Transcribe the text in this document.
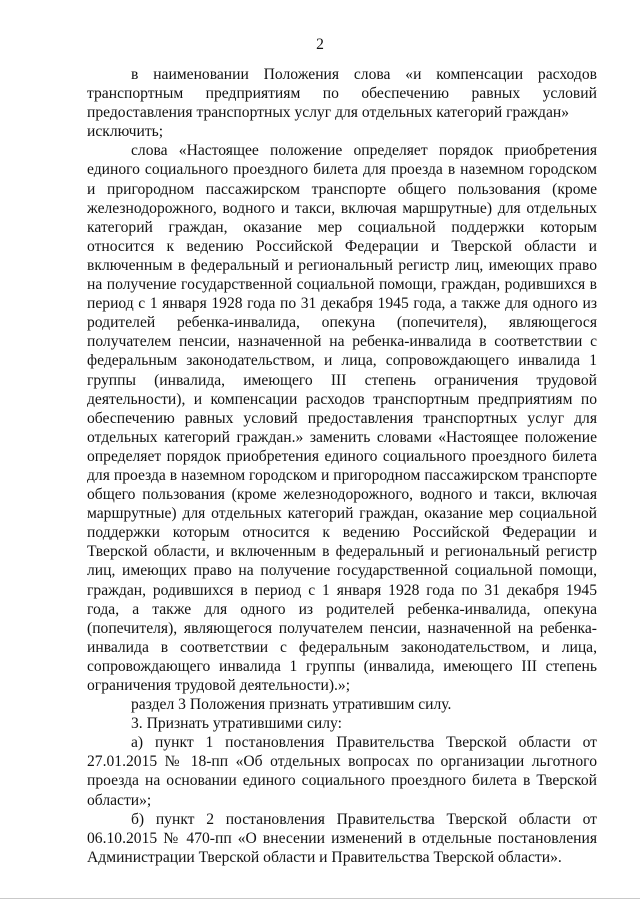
2

в наименовании Положения слова «и компенсации расходов транспортным предприятиям по обеспечению равных условий предоставления транспортных услуг для отдельных категорий граждан»

исключить;

слова «Настоящее положение определяет порядок приобретения единого социального проездного билета для проезда в наземном городском и пригородном пассажирском транспорте общего пользования (кроме железнодорожного, водного и такси, включая маршрутные) для отдельных категорий граждан, оказание мер социальной поддержки которым относится к ведению Российской Федерации и Тверской области и включенным в федеральный и региональный регистр лиц, имеющих право на получение государственной социальной помощи, граждан, родившихся в период с 1 января 1928 года по 31 декабря 1945 года, а также для одного из родителей ребенка-инвалида, опекуна (попечителя), являющегося получателем пенсии, назначенной на ребенка-инвалида в соответствии с федеральным законодательством, и лица, сопровождающего инвалида 1 группы (инвалида, имеющего III степень ограничения трудовой деятельности), и компенсации расходов транспортным предприятиям по обеспечению равных условий предоставления транспортных услуг для отдельных категорий граждан.» заменить словами «Настоящее положение определяет порядок приобретения единого социального проездного билета для проезда в наземном городском и пригородном пассажирском транспорте общего пользования (кроме железнодорожного, водного и такси, включая маршрутные) для отдельных категорий граждан, оказание мер социальной поддержки которым относится к ведению Российской Федерации и Тверской области, и включенным в федеральный и региональный регистр лиц, имеющих право на получение государственной социальной помощи, граждан, родившихся в период с 1 января 1928 года по 31 декабря 1945 года, а также для одного из родителей ребенка-инвалида, опекуна (попечителя), являющегося получателем пенсии, назначенной на ребенка-инвалида в соответствии с федеральным законодательством, и лица, сопровождающего инвалида 1 группы (инвалида, имеющего III степень ограничения трудовой деятельности).»;

раздел 3 Положения признать утратившим силу.

3. Признать утратившими силу:

а) пункт 1 постановления Правительства Тверской области от 27.01.2015 № 18-пп «Об отдельных вопросах по организации льготного проезда на основании единого социального проездного билета в Тверской области»;

б) пункт 2 постановления Правительства Тверской области от 06.10.2015 № 470-пп «О внесении изменений в отдельные постановления Администрации Тверской области и Правительства Тверской области».
